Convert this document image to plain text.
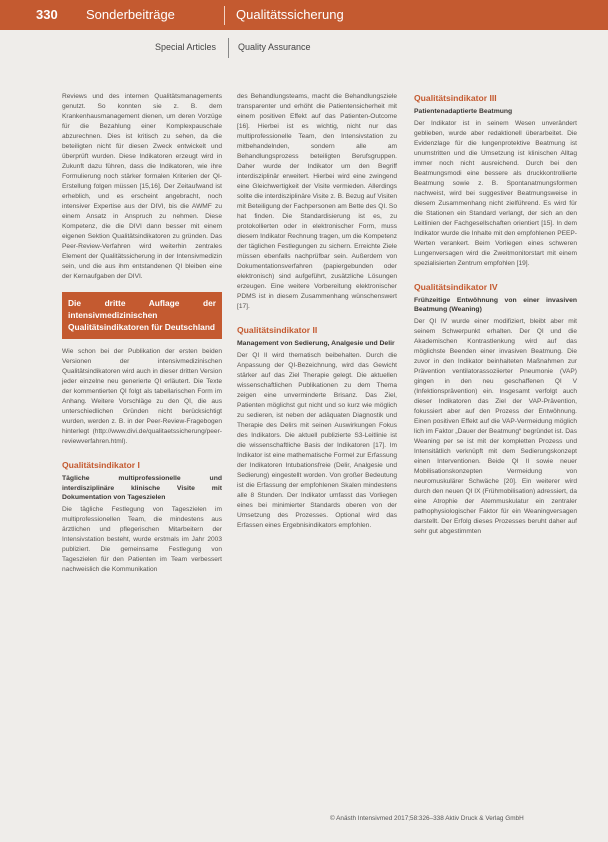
330 Sonderbeiträge	Qualitätssicherung
Special Articles Quality Assurance

Reviews und des internen Qualitätsmanagements genutzt. So konnten sie z. B. dem Krankenhausmanagement dienen, um deren Vorzüge für die Bezahlung einer Komplexpauschale abzurechnen. Dies ist kritisch zu sehen, da die beteiligten nicht für diesen Zweck entwickelt und überprüft wurden. Diese Indikatoren erzeugt wird in Zukunft dazu führen, dass die Indikatoren, wie ihre Formulierung noch stärker formalen Kriterien der QI-Erstellung folgen müssen [15,16]. Der Zeitaufwand ist erheblich, und es erscheint angebracht, noch intensiver Expertise aus der DIVI, bis die AWMF zu einem Ansatz in Anspruch zu nehmen. Diese Kompetenz, die die DIVI dann besser mit einem eigenen Sektion Qualitätsindikatoren zu gründen. Das Peer-Review-Verfahren wird weiterhin zentrales Element der Qualitätssicherung in der Intensivmedizin sein, und die aus ihm entstandenen QI bleiben eine der Kernaufgaben der DIVI.

Die dritte Auflage der intensivmedizinischen Qualitätsindikatoren für Deutschland

Wie schon bei der Publikation der ersten beiden Versionen der intensivmedizinischen Qualitätsindikatoren wird auch in dieser dritten Version jeder einzelne neu generierte QI erläutert. Die Texte der kommentierten QI folgt als tabellarischen Form im Anhang. Weitere Vorschläge zu den QI, die aus unterschiedlichen Gründen nicht berücksichtigt wurden, werden z. B. in der Peer-Review-Fragebogen hinterlegt (http://www.divi.de/qualitaetssicherung/peer-reviewverfahren.html).

Qualitätsindikator I
Tägliche multiprofessionelle und interdisziplinäre klinische Visite mit Dokumentation von Tageszielen

Die tägliche Festlegung von Tageszielen im multiprofessionellen Team, die mindestens aus ärztlichen und pflegerischen Mitarbeitern der Intensivstation besteht, wurde erstmals im Jahr 2003 publiziert. Die gemeinsame Festlegung von Tageszielen für den Patienten im Team verbessert nachweislich die Kommunikation

des Behandlungsteams, macht die Behandlungsziele transparenter und erhöht die Patientensicherheit mit einem positiven Effekt auf das Patienten-Outcome [16]. Hierbei ist es wichtig, nicht nur das multiprofessionelle Team, den Intensivstation zu mitbehandelnden, sondern alle am Behandlungsprozess beteiligten Berufsgruppen. Daher wurde der Indikator um den Begriff interdisziplinär erweitert. Hierbei wird eine zwingend eine Gleichwertigkeit der Visite vermieden. Allerdings sollte die interdisziplinäre Visite z. B. Bezug auf Visiten mit Beteiligung der Fachpersonen am Bette des QI. So hat finden. Die Standardisierung ist es, zu protokollierten oder in elektronischer Form, muss diesem Indikator Rechnung tragen, um die Kompetenz der täglichen Festlegungen zu sichern. Erreichte Ziele müssen ebenfalls nachprüfbar sein. Außerdem von Dokumentationsverfahren (papiergebunden oder elektronisch) sind aufgeführt, zusätzliche Lösungen erzeugen. Eine weitere Vorbereitung elektronischer PDMS ist in diesem Zusammenhang wünschenswert [17].

Qualitätsindikator II
Management von Sedierung, Analgesie und Delir

Der QI II wird thematisch beibehalten. Durch die Anpassung der QI-Bezeichnung, wird das Gewicht stärker auf das Ziel Therapie gelegt. Die aktuellen wissenschaftlichen Publikationen zu dem Thema zeigen eine unverminderte Brisanz. Das Ziel, Patienten möglichst gut nicht und so kurz wie möglich zu sedieren, ist neben der adäquaten Diagnostik und Therapie des Delirs mit seinen Auswirkungen Fokus des Indikators. Die aktuell publizierte S3-Leitlinie ist die wissenschaftliche Basis der Indikatoren [17]. Im Indikator ist eine mathematische Formel zur Erfassung der Indikatoren Intubationsfreie (Delir, Analgesie und Sedierung) eingestellt worden. Von großer Bedeutung ist die Erfassung der empfohlenen Skalen mindestens alle 8 Stunden. Der Indikator umfasst das Vorliegen eines bei minimierter Standards oberen von der Umsetzung des Prozesses. Optional wird das Erfassen eines Ergebnisindikators empfohlen.

Qualitätsindikator III
Patientenadaptierte Beatmung

Der Indikator ist in seinem Wesen unverändert geblieben, wurde aber redaktionell überarbeitet. Die Evidenzlage für die lungenprotektive Beatmung ist unumstritten und die Umsetzung ist klinischen Alltag immer noch nicht ausreichend. Durch bei den Beatmungsmodi eine bessere als druckkontrollierte Beatmung sowie z. B. Spontanatmungsformen nachweist, wird bei suggestiver Beatmungsweise in diesem Zusammenhang nicht zielführend. Es wird für die Stationen ein Standard verlangt, der sich an den Leitlinien der Fachgesellschaften orientiert [15]. In dem Indikator wurde die Inhalte mit den empfohlenen PEEP-Werten verankert. Beim Vorliegen eines schweren Lungenversagen wird die Zweitmonitorstart mit einem spezialisierten Zentrum empfohlen [19].

Qualitätsindikator IV
Frühzeitige Entwöhnung von einer invasiven Beatmung (Weaning)

Der QI IV wurde einer modifiziert, bleibt aber mit seinem Schwerpunkt erhalten. Der QI und die Akademischen Kontrastlenkung wird auf das möglichste Beenden einer invasiven Beatmung. Die zuvor in den Indikator beinhalteten Maßnahmen zur Prävention ventilatorassoziierter Pneumonie (VAP) gingen in den neu geschaffenen QI V (Infektionsprävention) ein. Insgesamt verfolgt auch dieser Indikatoren das Ziel der VAP-Prävention, fokussiert aber auf den Prozess der Entwöhnung. Einen positiven Effekt auf die VAP-Vermeidung möglich lich im Faktor „Dauer der Beatmung“ begründet ist. Das Weaning per se ist mit der kompletten Prozess und Intensitätlich verknüpft mit dem Sedierungskonzept einen Interventionen. Beide QI II sowie neuer Mobilisationskonzepten Vermeidung von neuromuskulärer Schwäche [20]. Ein weiterer wird durch den neuen QI IX (Frühmobilisation) adressiert, da eine Atrophie der Atemmuskulatur ein zentraler pathophysiologischer Faktor für ein Weaningversagen darstellt. Der Erfolg dieses Prozesses beruht daher auf sehr gut abgestimmten

© Anästh Intensivmed 2017;58:326–338 Aktiv Druck & Verlag GmbH
